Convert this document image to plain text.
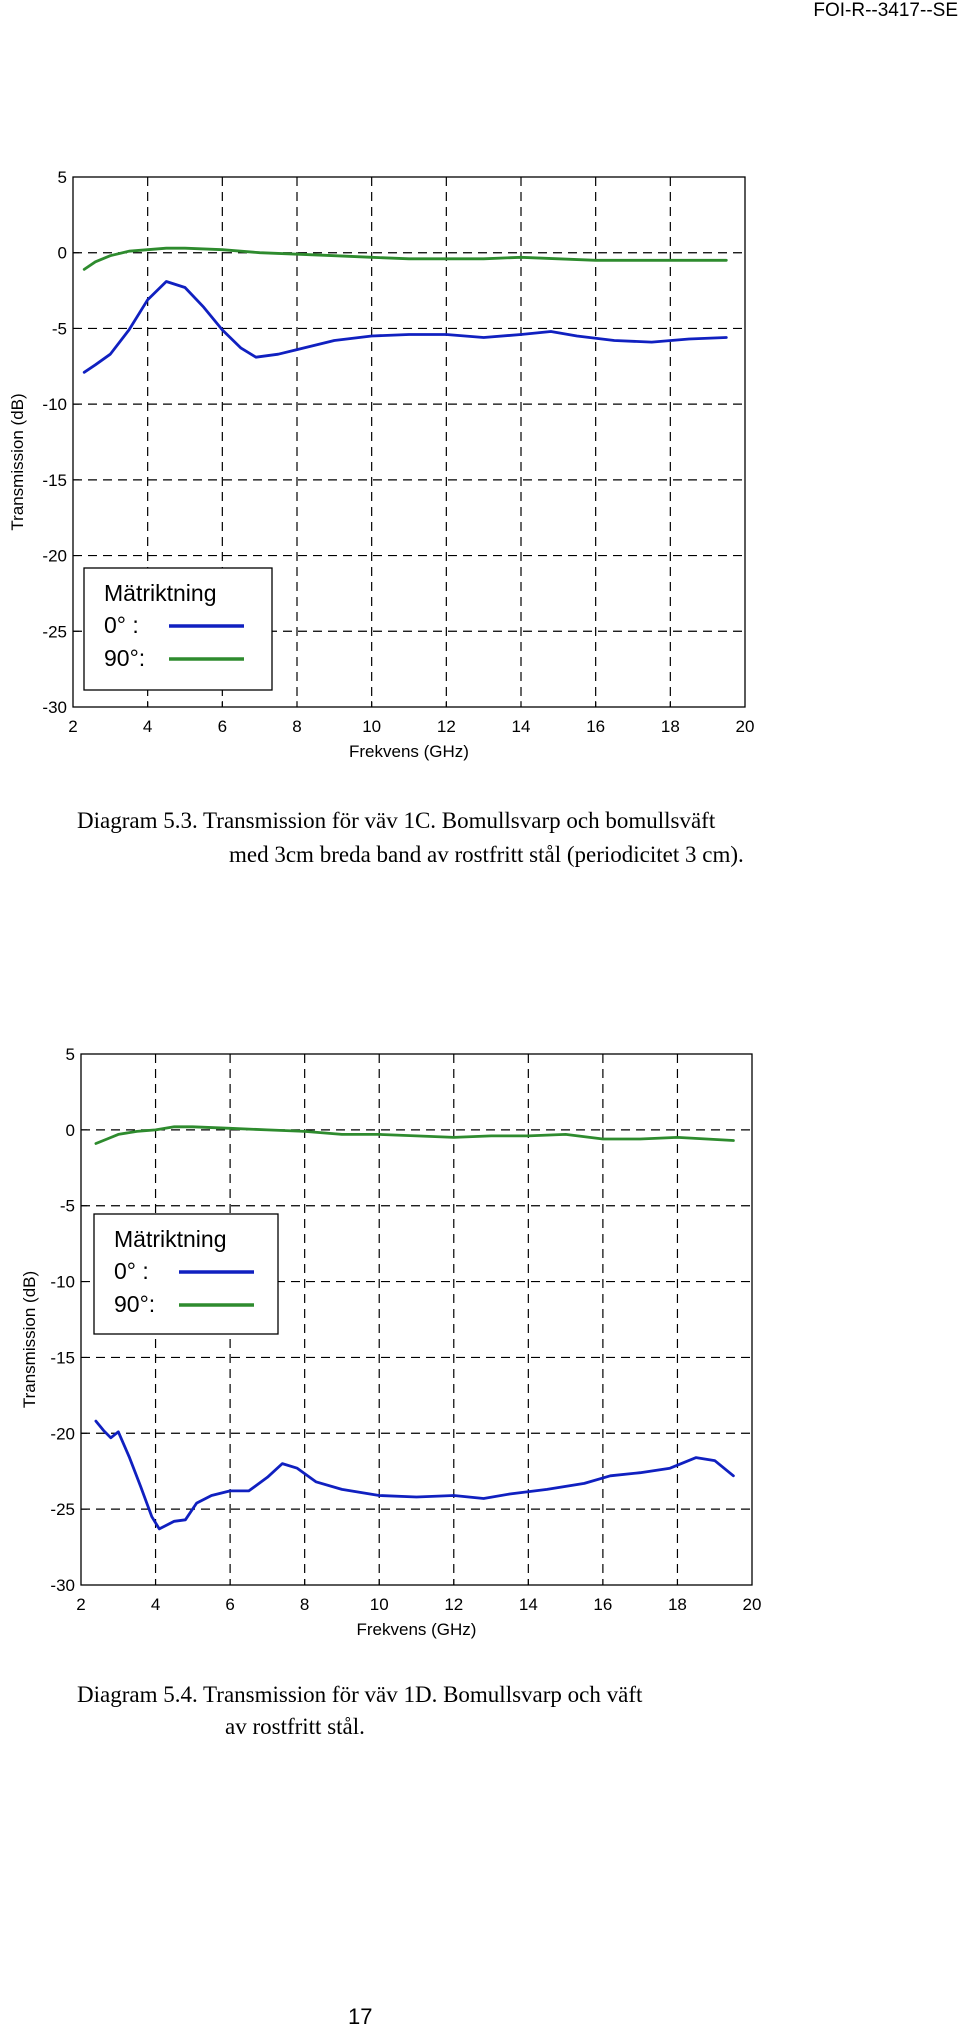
FOI-R--3417--SE
2	4	6	8	10	12	14	16	18	20
5
0
-5
-10
-15
-20
-25
-30
Frekvens (GHz)
Transmission (dB)
Mätriktning
0° :
90°:
Diagram 5.3. Transmission för väv 1C. Bomullsvarp och bomullsväft
med 3cm breda band av rostfritt stål (periodicitet 3 cm).
2	4	6	8	10	12	14	16	18	20
5
0
-5
-10
-15
-20
-25
-30
Frekvens (GHz)
Transmission (dB)
Mätriktning
0° :
90°:
Diagram 5.4. Transmission för väv 1D. Bomullsvarp och väft
av rostfritt stål.
17
